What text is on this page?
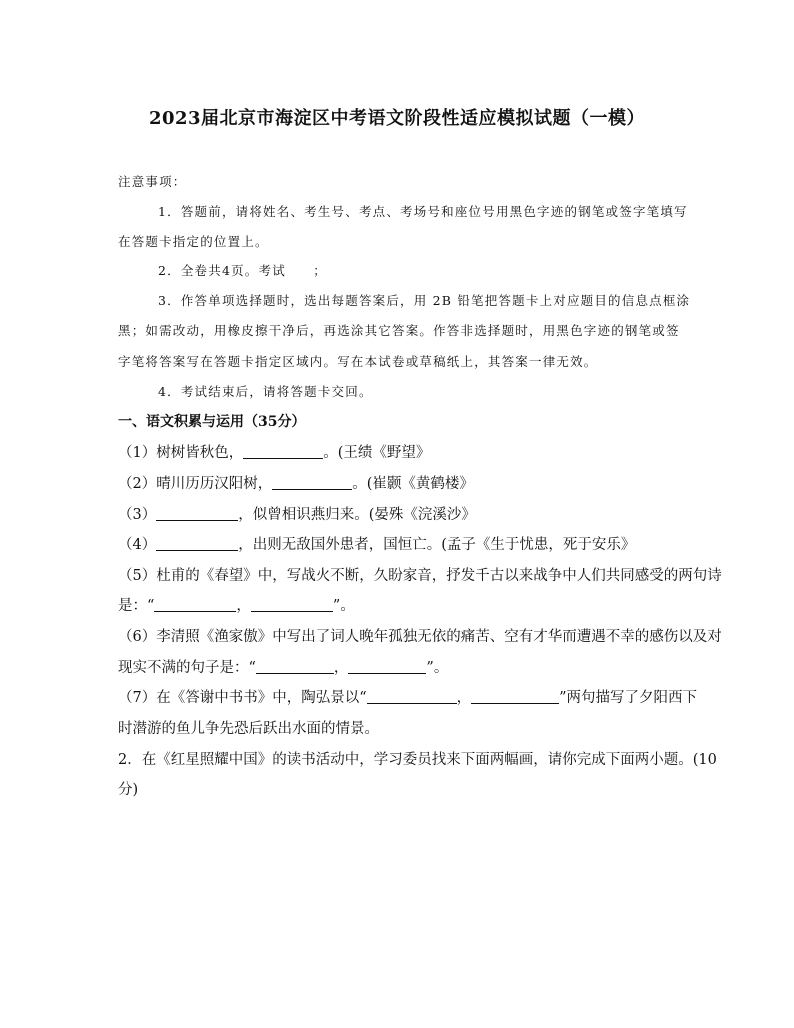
2023届北京市海淀区中考语文阶段性适应模拟试题（一模）
注意事项：
1．答题前，请将姓名、考生号、考点、考场号和座位号用黑色字迹的钢笔或签字笔填写
在答题卡指定的位置上。
2．全卷共4页。考试　　；
3．作答单项选择题时，选出每题答案后，用 2B 铅笔把答题卡上对应题目的信息点框涂
黑；如需改动，用橡皮擦干净后，再选涂其它答案。作答非选择题时，用黑色字迹的钢笔或签
字笔将答案写在答题卡指定区域内。写在本试卷或草稿纸上，其答案一律无效。
4．考试结束后，请将答题卡交回。
一、语文积累与运用（35分）
（1）树树皆秋色，	。(王绩《野望》
（2）晴川历历汉阳树，	。(崔颢《黄鹤楼》
（3）	，似曾相识燕归来。(晏殊《浣溪沙》
（4）	，出则无敌国外患者，国恒亡。(孟子《生于忧患，死于安乐》
（5）杜甫的《春望》中，写战火不断，久盼家音，抒发千古以来战争中人们共同感受的两句诗
是：“	，	”。
（6）李清照《渔家傲》中写出了词人晚年孤独无依的痛苦、空有才华而遭遇不幸的感伤以及对
现实不满的句子是：“	，	”。
（7）在《答谢中书书》中，陶弘景以“	，	”两句描写了夕阳西下
时潜游的鱼儿争先恐后跃出水面的情景。
2．在《红星照耀中国》的读书活动中，学习委员找来下面两幅画，请你完成下面两小题。(10
分)
